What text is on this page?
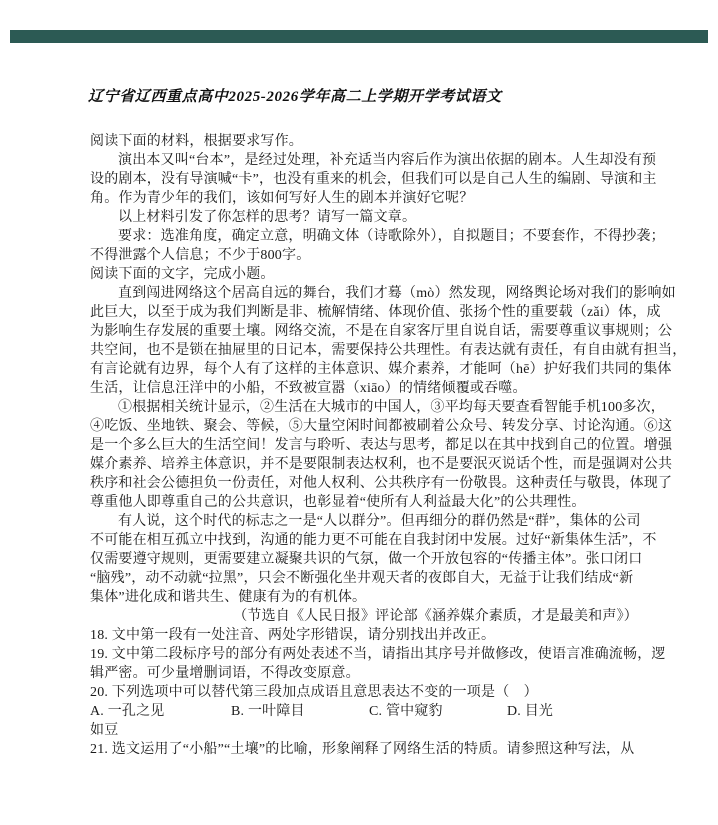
辽宁省辽西重点高中2025-2026学年高二上学期开学考试语文
阅读下面的材料，根据要求写作。
演出本又叫“台本”，是经过处理，补充适当内容后作为演出依据的剧本。人生却没有预
设的剧本，没有导演喊“卡”，也没有重来的机会，但我们可以是自己人生的编剧、导演和主
角。作为青少年的我们，该如何写好人生的剧本并演好它呢？
以上材料引发了你怎样的思考？请写一篇文章。
要求：选准角度，确定立意，明确文体（诗歌除外），自拟题目；不要套作，不得抄袭；
不得泄露个人信息；不少于800字。
阅读下面的文字，完成小题。
直到闯进网络这个居高自远的舞台，我们才蓦（mò）然发现，网络舆论场对我们的影响如
此巨大，以至于成为我们判断是非、梳解情绪、体现价值、张扬个性的重要载（zǎi）体，成
为影响生存发展的重要土壤。网络交流，不是在自家客厅里自说自话，需要尊重议事规则；公
共空间，也不是锁在抽屉里的日记本，需要保持公共理性。有表达就有责任，有自由就有担当，
有言论就有边界，每个人有了这样的主体意识、媒介素养，才能呵（hē）护好我们共同的集体
生活，让信息汪洋中的小船，不致被宣嚣（xiāo）的情绪倾覆或吞噬。
①根据相关统计显示，②生活在大城市的中国人，③平均每天要查看智能手机100多次，
④吃饭、坐地铁、聚会、等候，⑤大量空闲时间都被刷着公众号、转发分享、讨论沟通。⑥这
是一个多么巨大的生活空间！发言与聆听、表达与思考，都足以在其中找到自己的位置。增强
媒介素养、培养主体意识，并不是要限制表达权利，也不是要泯灭说话个性，而是强调对公共
秩序和社会公德担负一份责任，对他人权利、公共秩序有一份敬畏。这种责任与敬畏，体现了
尊重他人即尊重自己的公共意识，也彰显着“使所有人利益最大化”的公共理性。
有人说，这个时代的标志之一是“人以群分”。但再细分的群仍然是“群”，集体的公司
不可能在相互孤立中找到，沟通的能力更不可能在自我封闭中发展。过好“新集体生活”，不
仅需要遵守规则，更需要建立凝聚共识的气氛，做一个开放包容的“传播主体”。张口闭口
“脑残”，动不动就“拉黑”，只会不断强化坐井观天者的夜郎自大，无益于让我们结成“新
集体”进化成和谐共生、健康有为的有机体。
（节选自《人民日报》评论部《涵养媒介素质，才是最美和声》）
18. 文中第一段有一处注音、两处字形错误，请分别找出并改正。
19. 文中第二段标序号的部分有两处表述不当，请指出其序号并做修改，使语言准确流畅，逻
辑严密。可少量增删词语，不得改变原意。
20. 下列选项中可以替代第三段加点成语且意思表达不变的一项是（　）
A. 一孔之见	B. 一叶障目	C. 管中窥豹	D. 目光
如豆
21. 选文运用了“小船”“土壤”的比喻，形象阐释了网络生活的特质。请参照这种写法，从
